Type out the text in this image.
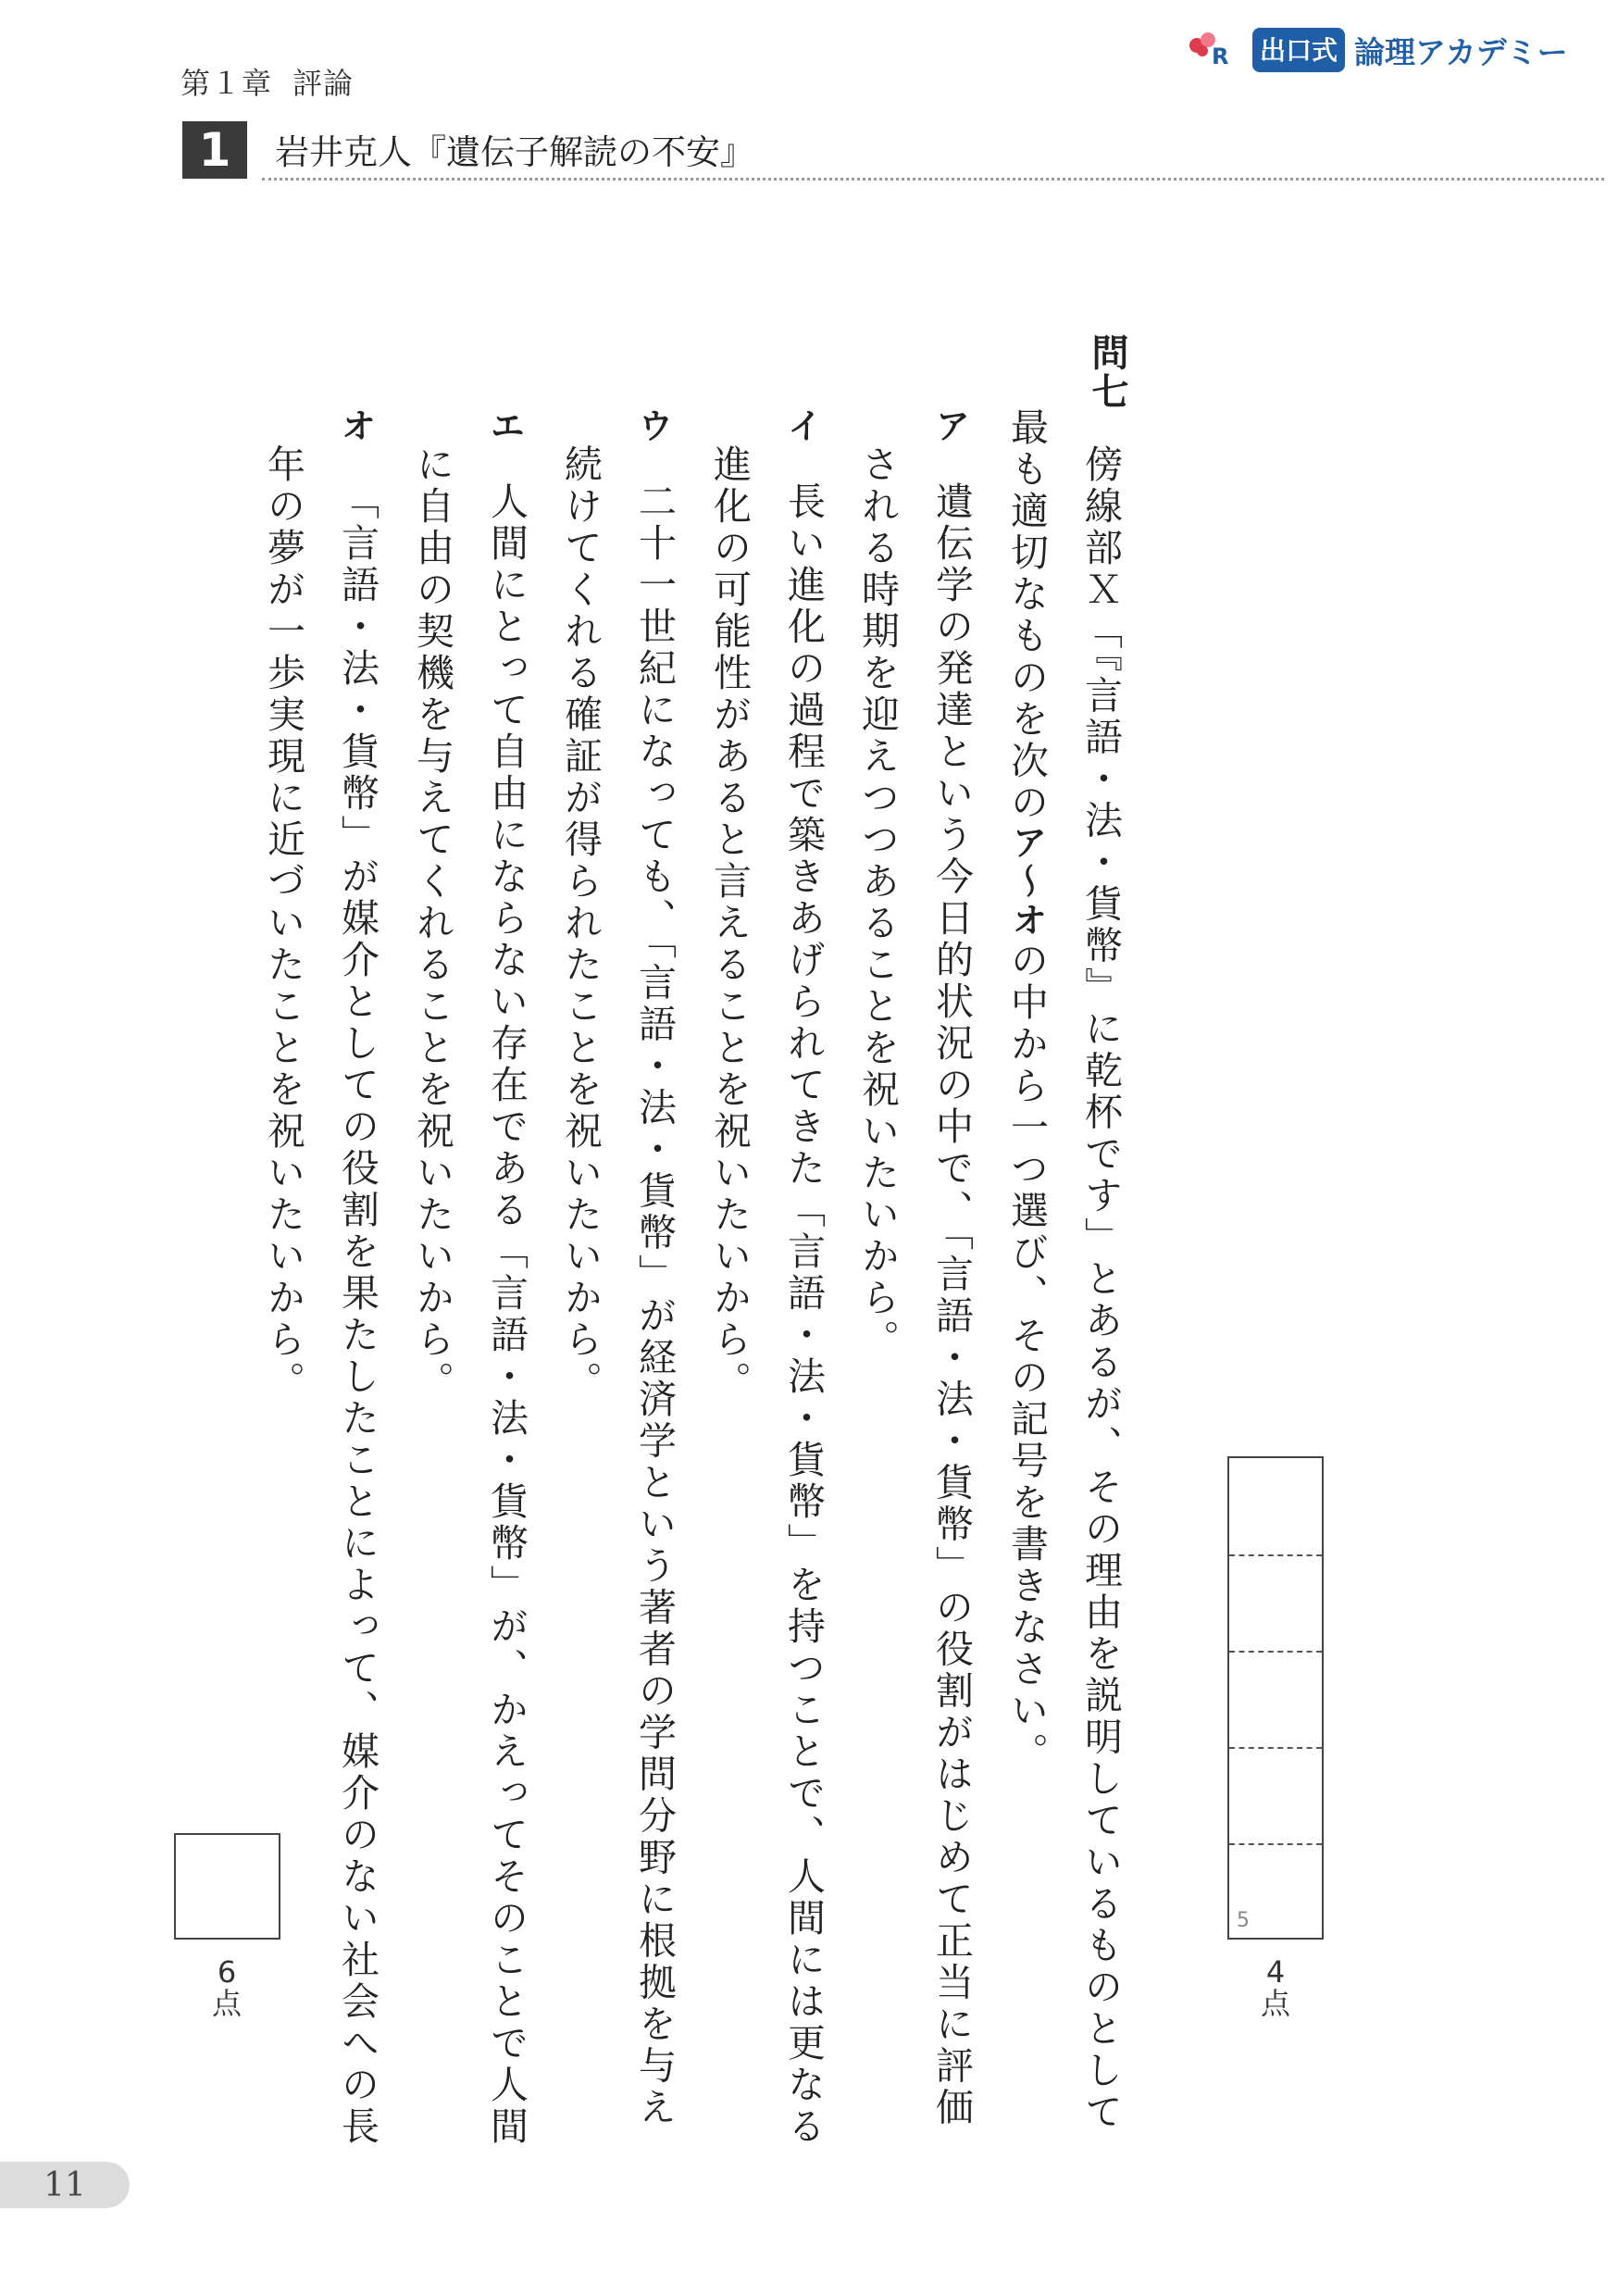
第１章 評論
1	岩井克人『遺伝子解読の不安』
R 出口式 論理アカデミー
問七
傍線部Ｘ「『言語・法・貨幣』に乾杯です」とあるが、その理由を説明しているものとして
最も適切なものを次のア〜オの中から一つ選び、その記号を書きなさい。
ア
遺伝学の発達という今日的状況の中で、「言語・法・貨幣」の役割がはじめて正当に評価
される時期を迎えつつあることを祝いたいから。
イ
長い進化の過程で築きあげられてきた「言語・法・貨幣」を持つことで、人間には更なる
進化の可能性があると言えることを祝いたいから。
ウ
二十一世紀になっても、「言語・法・貨幣」が経済学という著者の学問分野に根拠を与え
続けてくれる確証が得られたことを祝いたいから。
エ
人間にとって自由にならない存在である「言語・法・貨幣」が、かえってそのことで人間
に自由の契機を与えてくれることを祝いたいから。
オ
「言語・法・貨幣」が媒介としての役割を果たしたことによって、媒介のない社会への長
年の夢が一歩実現に近づいたことを祝いたいから。
5
4
点
6
点
11
